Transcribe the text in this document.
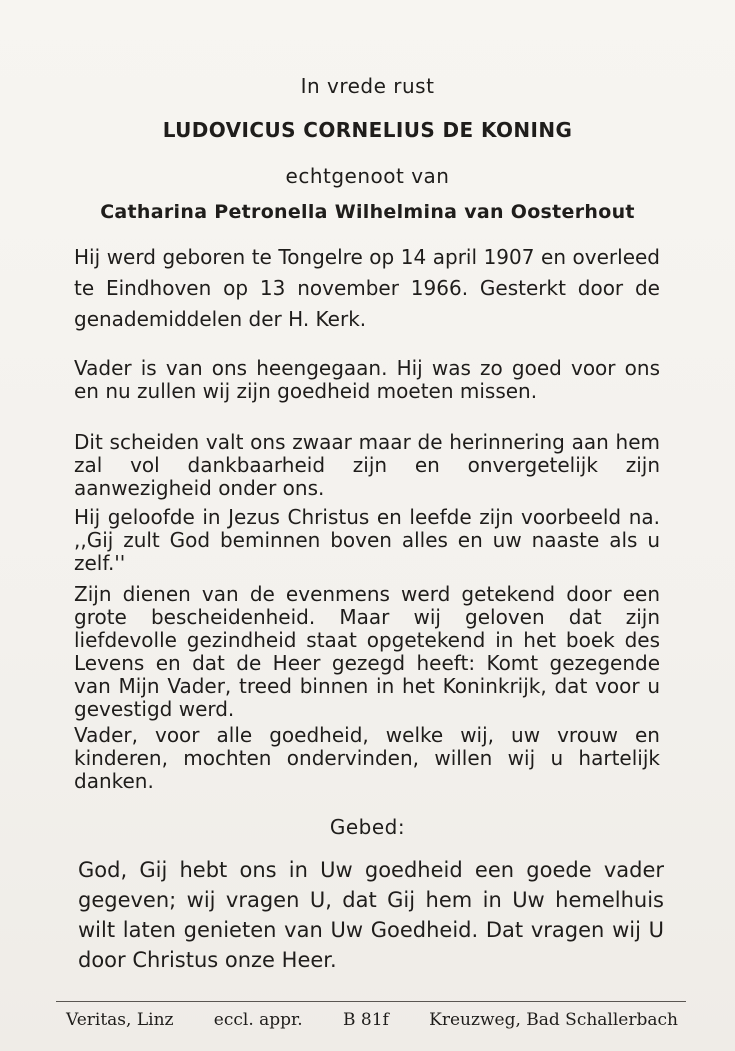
In vrede rust

LUDOVICUS CORNELIUS DE KONING

echtgenoot van

Catharina Petronella Wilhelmina van Oosterhout

Hij werd geboren te Tongelre op 14 april 1907 en overleed te Eindhoven op 13 november 1966. Gesterkt door de genademiddelen der H. Kerk.

Vader is van ons heengegaan. Hij was zo goed voor ons en nu zullen wij zijn goedheid moeten missen.

Dit scheiden valt ons zwaar maar de herinnering aan hem zal vol dankbaarheid zijn en onvergetelijk zijn aanwezigheid onder ons.

Hij geloofde in Jezus Christus en leefde zijn voorbeeld na. ,,Gij zult God beminnen boven alles en uw naaste als u zelf.''

Zijn dienen van de evenmens werd getekend door een grote bescheidenheid. Maar wij geloven dat zijn liefdevolle gezindheid staat opgetekend in het boek des Levens en dat de Heer gezegd heeft: Komt gezegende van Mijn Vader, treed binnen in het Koninkrijk, dat voor u gevestigd werd.

Vader, voor alle goedheid, welke wij, uw vrouw en kinderen, mochten ondervinden, willen wij u hartelijk danken.

Gebed:

God, Gij hebt ons in Uw goedheid een goede vader gegeven; wij vragen U, dat Gij hem in Uw hemelhuis wilt laten genieten van Uw Goedheid. Dat vragen wij U door Christus onze Heer.

Veritas, Linz eccl. appr. B 81f Kreuzweg, Bad Schallerbach
